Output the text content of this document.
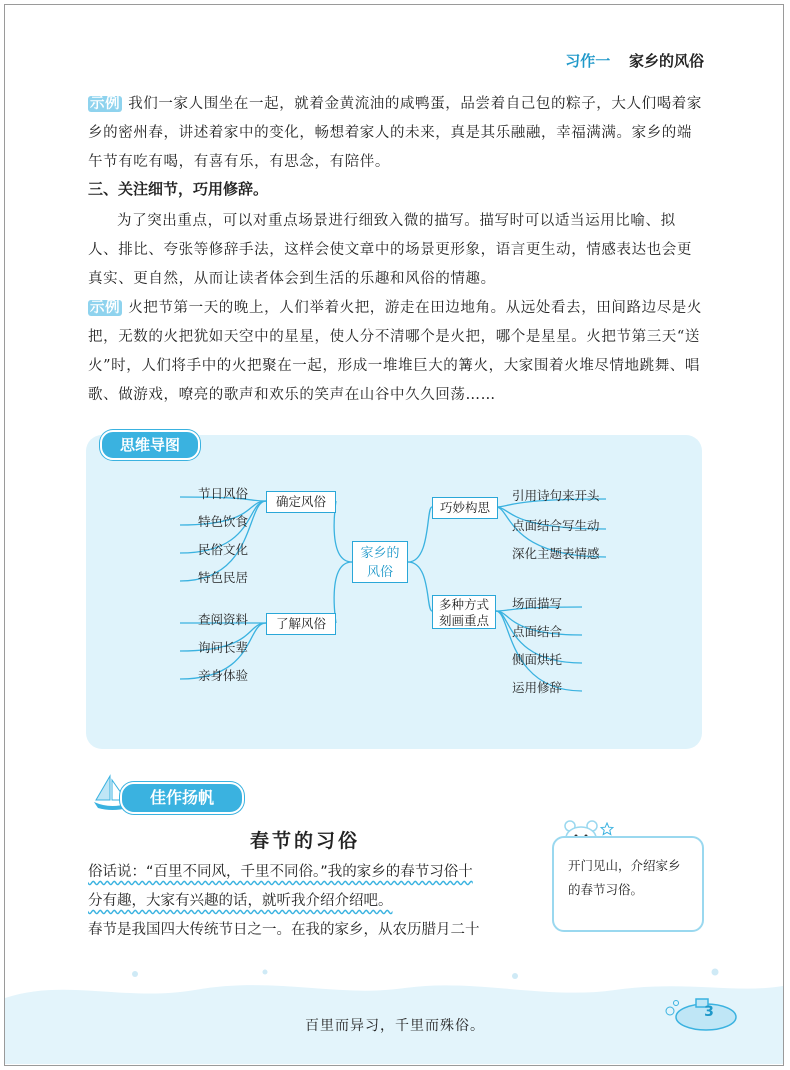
习作一 家乡的风俗
示例 我们一家人围坐在一起，就着金黄流油的咸鸭蛋，品尝着自己包的粽子，大人们喝着家乡的密州春，讲述着家中的变化，畅想着家人的未来，真是其乐融融，幸福满满。家乡的端午节有吃有喝，有喜有乐，有思念，有陪伴。
三、关注细节，巧用修辞。
为了突出重点，可以对重点场景进行细致入微的描写。描写时可以适当运用比喻、拟人、排比、夸张等修辞手法，这样会使文章中的场景更形象，语言更生动，情感表达也会更真实、更自然，从而让读者体会到生活的乐趣和风俗的情趣。
示例 火把节第一天的晚上，人们举着火把，游走在田边地角。从远处看去，田间路边尽是火把，无数的火把犹如天空中的星星，使人分不清哪个是火把，哪个是星星。火把节第三天“送火”时，人们将手中的火把聚在一起，形成一堆堆巨大的篝火，大家围着火堆尽情地跳舞、唱歌、做游戏，嘹亮的歌声和欢乐的笑声在山谷中久久回荡……
家乡的
风俗
确定风俗
了解风俗
巧妙构思
多种方式
刻画重点
节日风俗
特色饮食
民俗文化
特色民居
查阅资料
询问长辈
亲身体验
引用诗句来开头
点面结合写生动
深化主题表情感
场面描写
点面结合
侧面烘托
运用修辞
思维导图
佳作扬帆
春节的习俗
俗话说：“百里不同风，千里不同俗。”我的家乡的春节习俗十
分有趣，大家有兴趣的话，就听我介绍介绍吧。
春节是我国四大传统节日之一。在我的家乡，从农历腊月二十
开门见山，介绍家乡的春节习俗。
百里而异习，千里而殊俗。
3
